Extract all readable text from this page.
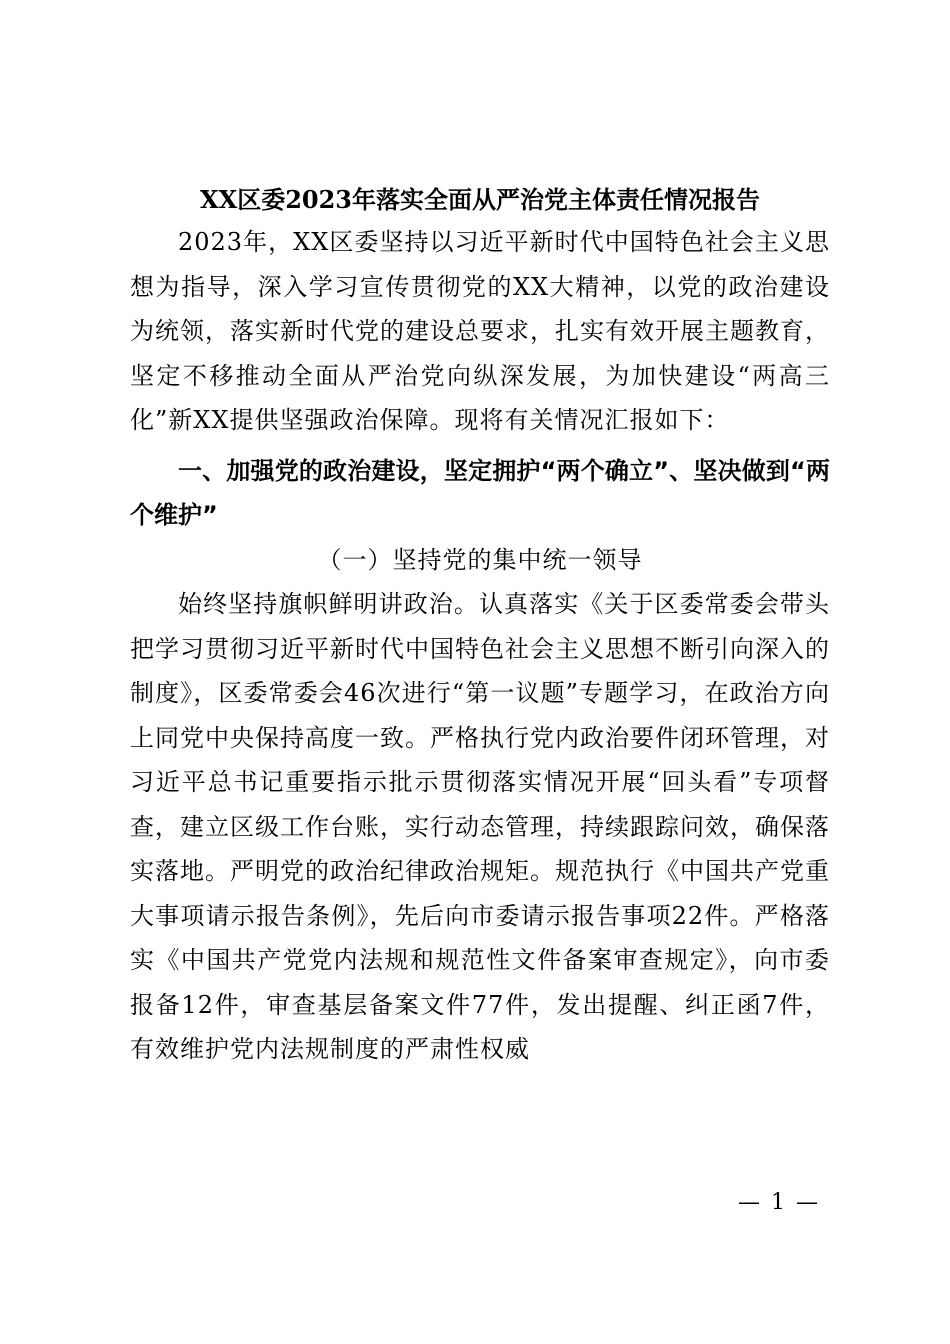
XX区委2023年落实全面从严治党主体责任情况报告

2023年，XX区委坚持以习近平新时代中国特色社会主义思想为指导，深入学习宣传贯彻党的XX大精神，以党的政治建设为统领，落实新时代党的建设总要求，扎实有效开展主题教育，坚定不移推动全面从严治党向纵深发展，为加快建设“两高三化”新XX提供坚强政治保障。现将有关情况汇报如下：

一、加强党的政治建设，坚定拥护“两个确立”、坚决做到“两个维护”

（一）坚持党的集中统一领导

始终坚持旗帜鲜明讲政治。认真落实《关于区委常委会带头把学习贯彻习近平新时代中国特色社会主义思想不断引向深入的制度》，区委常委会46次进行“第一议题”专题学习，在政治方向上同党中央保持高度一致。严格执行党内政治要件闭环管理，对习近平总书记重要指示批示贯彻落实情况开展“回头看”专项督查，建立区级工作台账，实行动态管理，持续跟踪问效，确保落实落地。严明党的政治纪律政治规矩。规范执行《中国共产党重大事项请示报告条例》，先后向市委请示报告事项22件。严格落实《中国共产党党内法规和规范性文件备案审查规定》，向市委报备12件，审查基层备案文件77件，发出提醒、纠正函7件，有效维护党内法规制度的严肃性权威

— 1 —
